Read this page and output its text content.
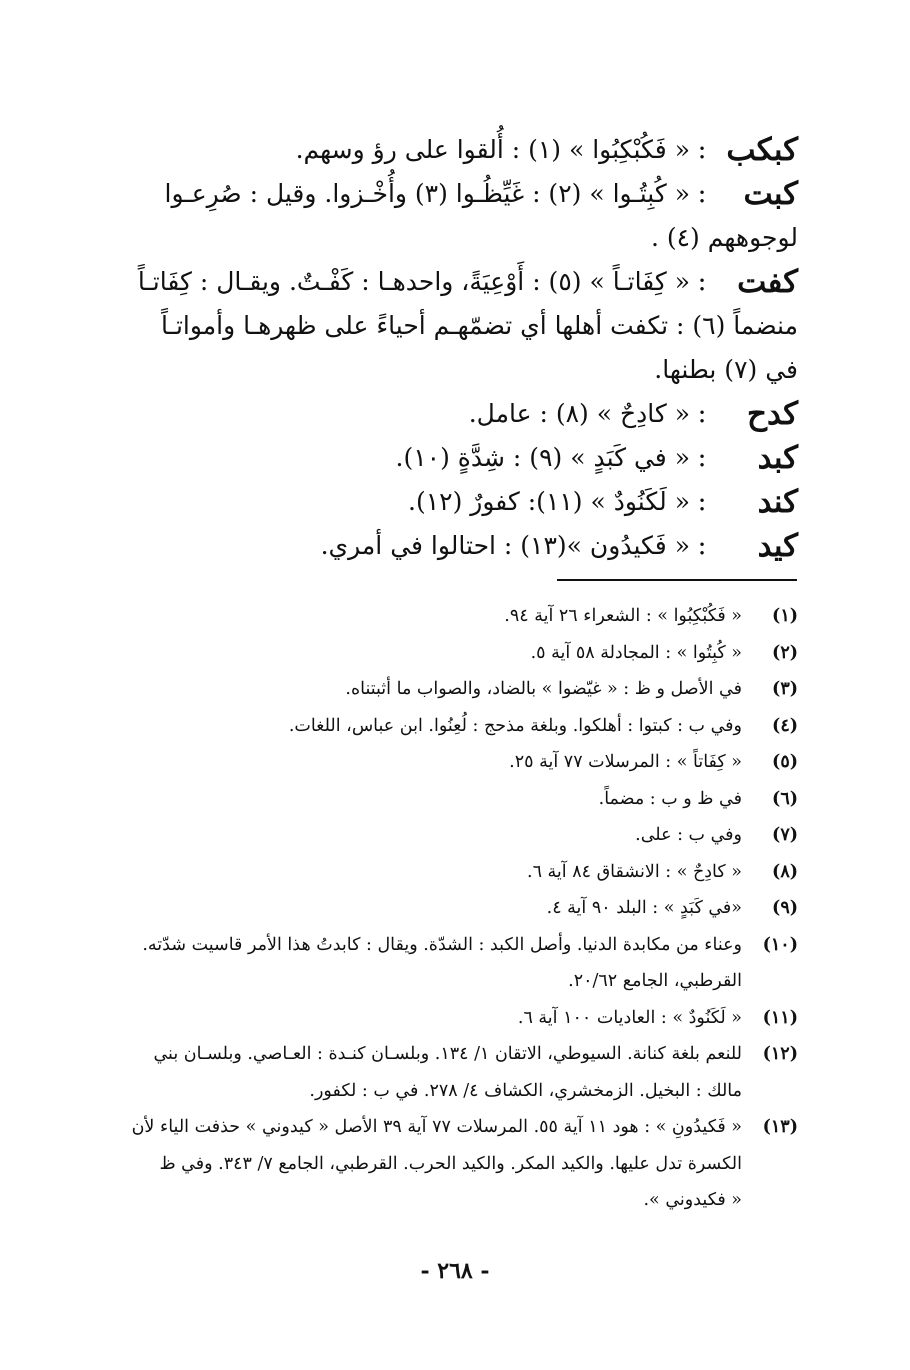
كبكب
:
« فَكُبْكِبُوا » (١) : أُلقوا على رؤ وسهم.
كبت
:
« كُبِتُـوا » (٢) : غَيِّظُـوا (٣) وأُخْـزوا. وقيل : صُرِعـوا
لوجوههم (٤) .
كفت
:
« كِفَاتـاً » (٥) : أَوْعِيَةً، واحدهـا : كَفْـتٌ. ويقـال : كِفَاتـاً
منضماً (٦) : تكفت أهلها أي تضمّهـم أحياءً على ظهرهـا وأمواتـاً
في (٧) بطنها.
كدح
:
« كادِحٌ » (٨) : عامل.
كبد
:
« في كَبَدٍ » (٩) : شِدَّةٍ (١٠).
كند
:
« لَكَنُودٌ » (١١): كفورٌ (١٢).
كيد
:
« فَكيدُون »(١٣) : احتالوا في أمري.
(١)
« فَكُبْكِبُوا » : الشعراء ٢٦ آية ٩٤.
(٢)
« كُبِتُوا » : المجادلة ٥٨ آية ٥.
(٣)
في الأصل و ظ : « غيّضوا » بالضاد، والصواب ما أثبتناه.
(٤)
وفي ب : كبتوا : أهلكوا. وبلغة مذحج : لُعِنُوا. ابن عباس، اللغات.
(٥)
« كِفَاتاً » : المرسلات ٧٧ آية ٢٥.
(٦)
في ظ و ب : مضماً.
(٧)
وفي ب : على.
(٨)
« كادِحٌ » : الانشقاق ٨٤ آية ٦.
(٩)
«في كَبَدٍ » : البلد ٩٠ آية ٤.
(١٠)
وعناء من مكابدة الدنيا. وأصل الكبد : الشدّة. ويقال : كابدتُ هذا الأمر قاسيت شدّته.
القرطبي، الجامع ٢٠/٦٢.
(١١)
« لَكَنُودٌ » : العاديات ١٠٠ آية ٦.
(١٢)
للنعم بلغة كنانة. السيوطي، الاتقان ١/ ١٣٤. وبلسـان كنـدة : العـاصي. وبلسـان بني
مالك : البخيل. الزمخشري، الكشاف ٤/ ٢٧٨. في ب : لكفور.
(١٣)
« فَكيدُونِ » : هود ١١ آية ٥٥. المرسلات ٧٧ آية ٣٩ الأصل « كيدوني » حذفت الياء لأن
الكسرة تدل عليها. والكيد المكر. والكيد الحرب. القرطبي، الجامع ٧/ ٣٤٣. وفي ظ
« فكيدوني ».
- ٢٦٨ -
